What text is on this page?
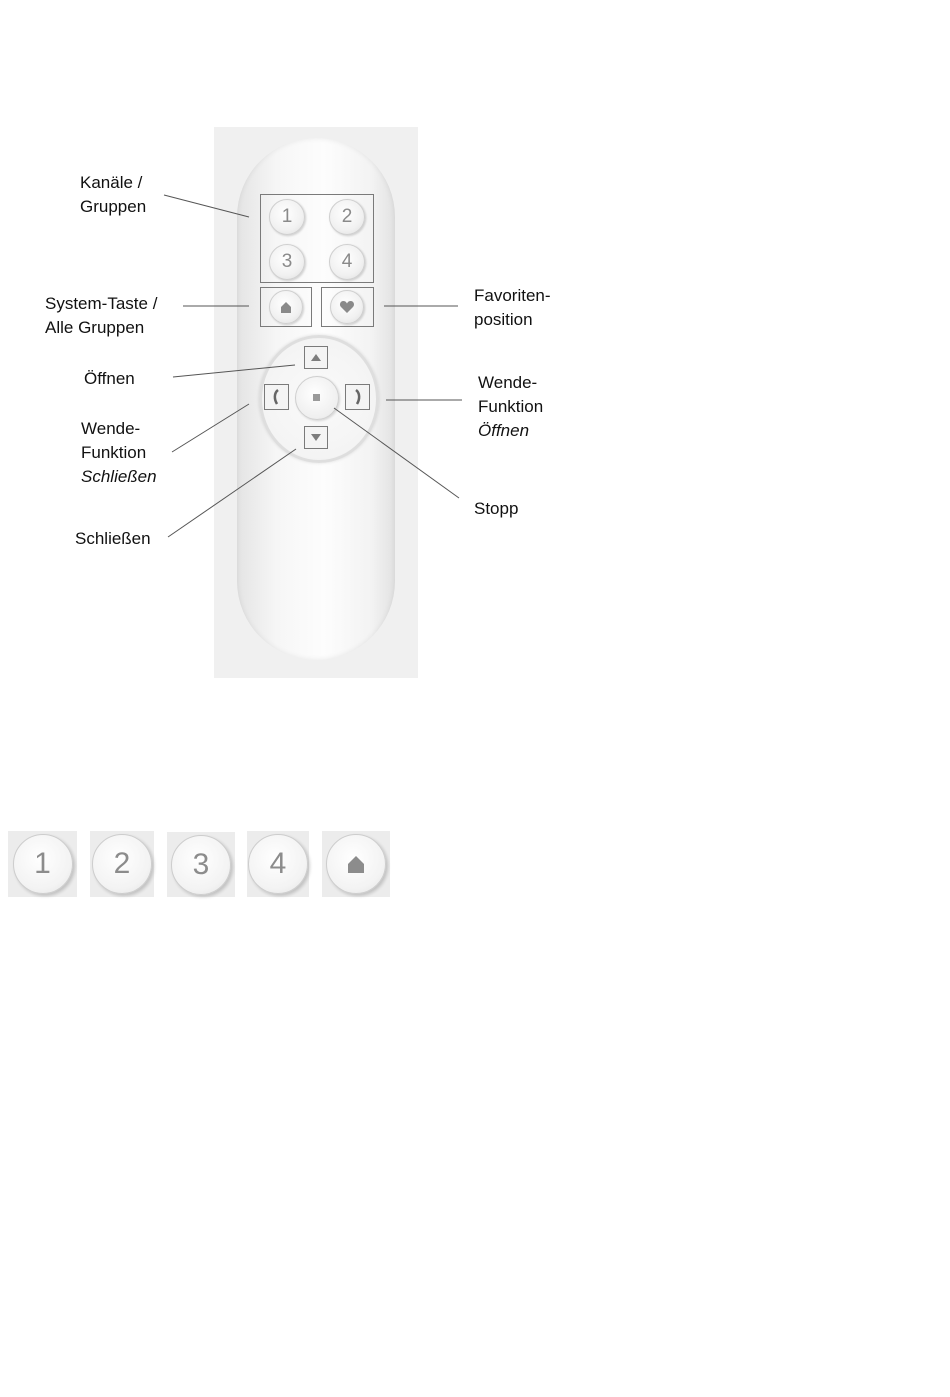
1	2
3	4
Kanäle /
Gruppen
System-Taste /
Alle Gruppen
Öffnen
Wende-
Funktion
Schließen
Schließen
Favoriten-
position
Wende-
Funktion
Öffnen
Stopp
1	2	3	4
